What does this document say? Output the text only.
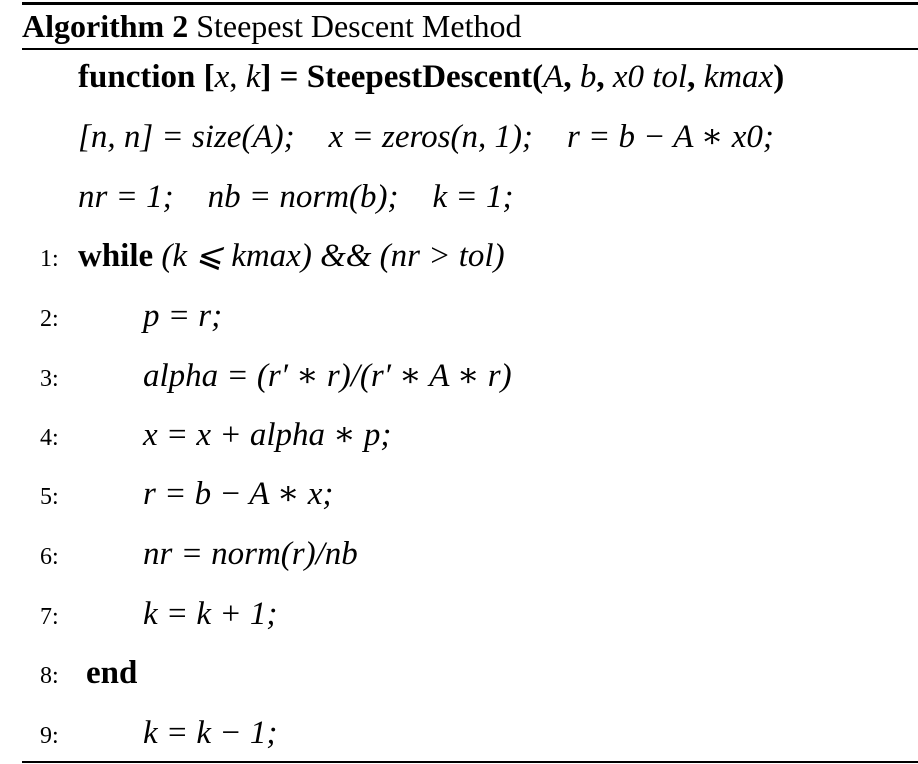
Algorithm 2 Steepest Descent Method
function [x, k] = SteepestDescent(A, b, x0 tol, kmax)
[n, n] = size(A); x = zeros(n, 1); r = b − A ∗ x0;
nr = 1; nb = norm(b); k = 1;
1: while (k ⩽ kmax) && (nr > tol)
2:	p = r;
3:	alpha = (r′ ∗ r)/(r′ ∗ A ∗ r)
4:	x = x + alpha ∗ p;
5:	r = b − A ∗ x;
6:	nr = norm(r)/nb
7:	k = k + 1;
8: end
9:	k = k − 1;
